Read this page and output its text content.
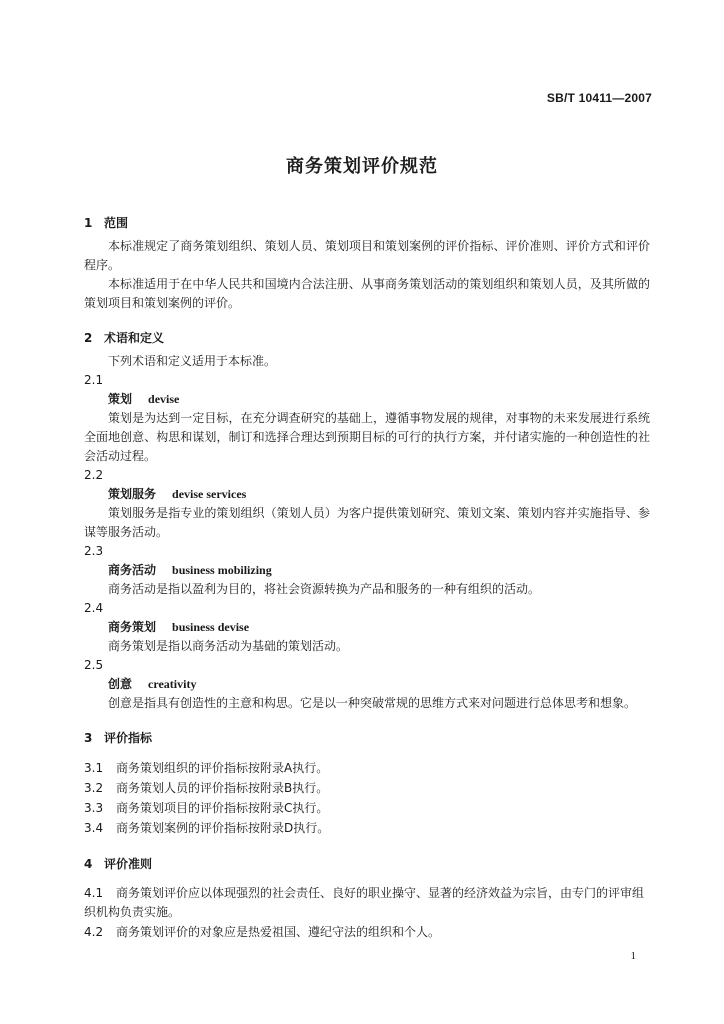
SB/T 10411—2007
商务策划评价规范
1 范围
本标准规定了商务策划组织、策划人员、策划项目和策划案例的评价指标、评价准则、评价方式和评价程序。
本标准适用于在中华人民共和国境内合法注册、从事商务策划活动的策划组织和策划人员，及其所做的策划项目和策划案例的评价。
2 术语和定义
下列术语和定义适用于本标准。
2.1
策划 devise
策划是为达到一定目标，在充分调查研究的基础上，遵循事物发展的规律，对事物的未来发展进行系统全面地创意、构思和谋划，制订和选择合理达到预期目标的可行的执行方案，并付诸实施的一种创造性的社会活动过程。
2.2
策划服务 devise services
策划服务是指专业的策划组织（策划人员）为客户提供策划研究、策划文案、策划内容并实施指导、参谋等服务活动。
2.3
商务活动 business mobilizing
商务活动是指以盈利为目的，将社会资源转换为产品和服务的一种有组织的活动。
2.4
商务策划 business devise
商务策划是指以商务活动为基础的策划活动。
2.5
创意 creativity
创意是指具有创造性的主意和构思。它是以一种突破常规的思维方式来对问题进行总体思考和想象。
3 评价指标
3.1	商务策划组织的评价指标按附录A执行。
3.2	商务策划人员的评价指标按附录B执行。
3.3	商务策划项目的评价指标按附录C执行。
3.4	商务策划案例的评价指标按附录D执行。
4 评价准则
4.1 商务策划评价应以体现强烈的社会责任、良好的职业操守、显著的经济效益为宗旨，由专门的评审组织机构负责实施。
4.2	商务策划评价的对象应是热爱祖国、遵纪守法的组织和个人。
1
